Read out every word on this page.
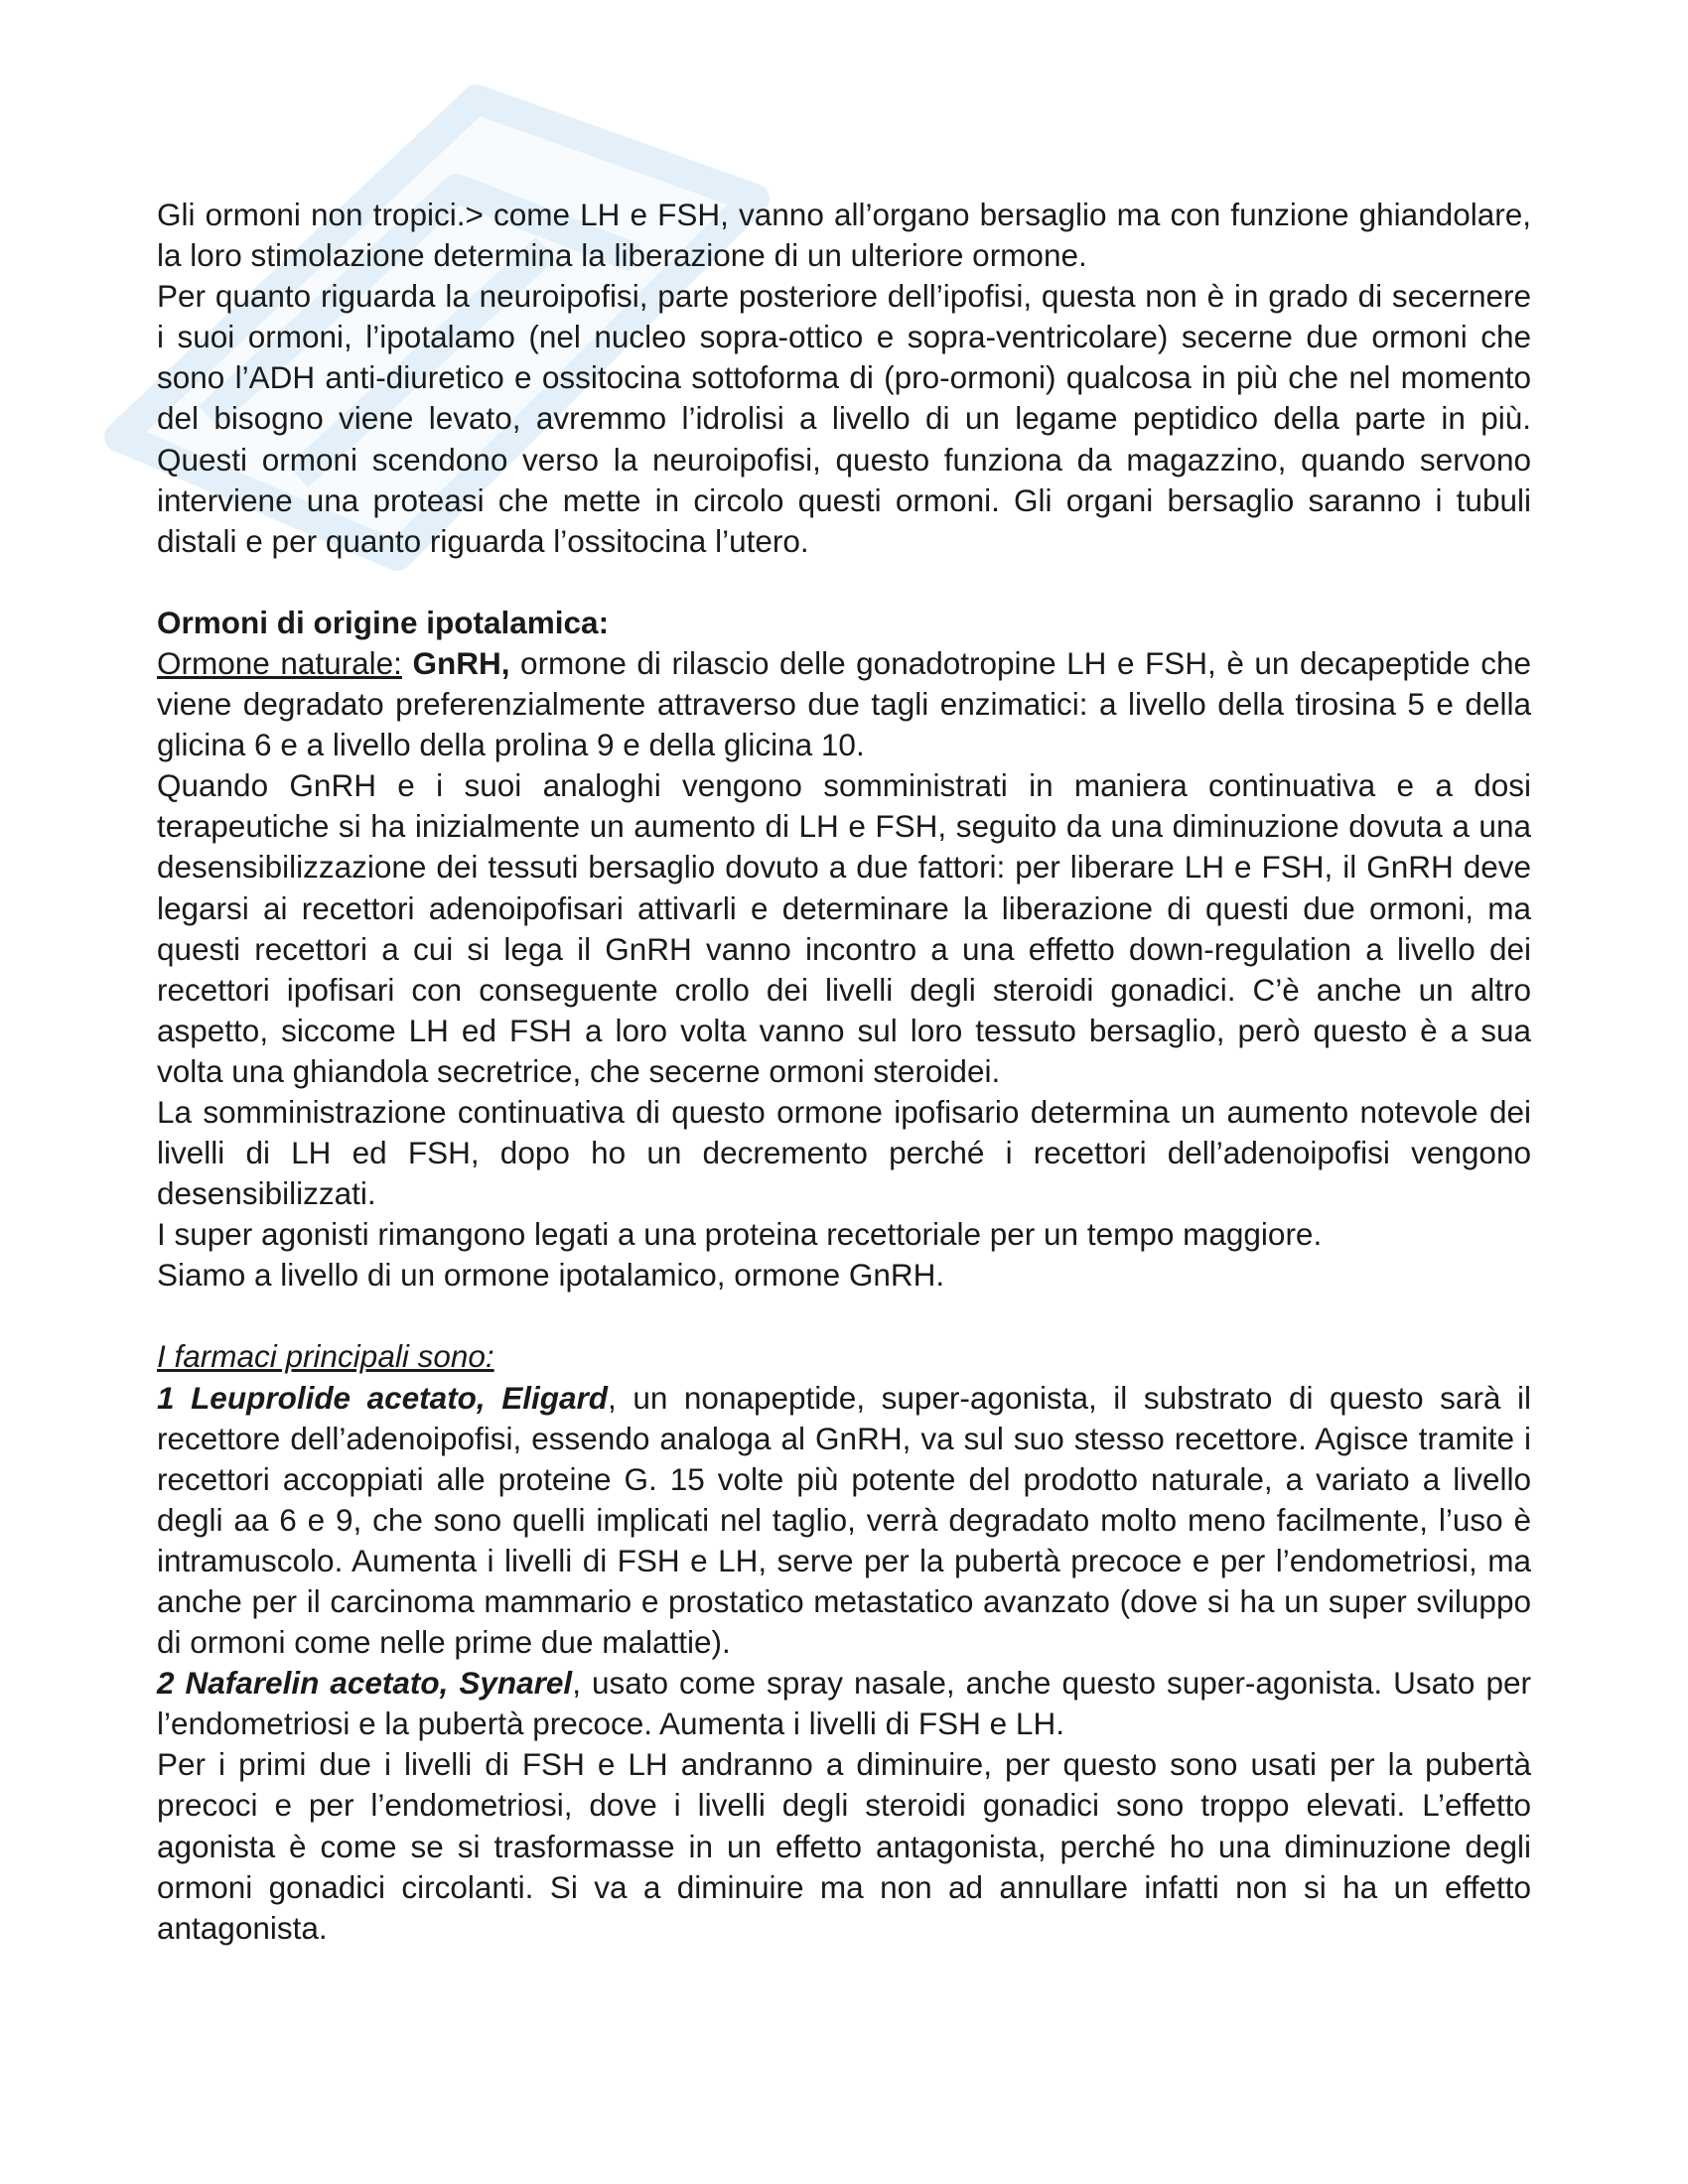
Gli ormoni non tropici.> come LH e FSH, vanno all’organo bersaglio ma con funzione ghiandolare, la loro stimolazione determina la liberazione di un ulteriore ormone.

Per quanto riguarda la neuroipofisi, parte posteriore dell’ipofisi, questa non è in grado di secernere i suoi ormoni, l’ipotalamo (nel nucleo sopra-ottico e sopra-ventricolare) secerne due ormoni che sono l’ADH anti-diuretico e ossitocina sottoforma di (pro-ormoni) qualcosa in più che nel momento del bisogno viene levato, avremmo l’idrolisi a livello di un legame peptidico della parte in più. Questi ormoni scendono verso la neuroipofisi, questo funziona da magazzino, quando servono interviene una proteasi che mette in circolo questi ormoni. Gli organi bersaglio saranno i tubuli distali e per quanto riguarda l’ossitocina l’utero.

Ormoni di origine ipotalamica:

Ormone naturale: GnRH, ormone di rilascio delle gonadotropine LH e FSH, è un decapeptide che viene degradato preferenzialmente attraverso due tagli enzimatici: a livello della tirosina 5 e della glicina 6 e a livello della prolina 9 e della glicina 10.

Quando GnRH e i suoi analoghi vengono somministrati in maniera continuativa e a dosi terapeutiche si ha inizialmente un aumento di LH e FSH, seguito da una diminuzione dovuta a una desensibilizzazione dei tessuti bersaglio dovuto a due fattori: per liberare LH e FSH, il GnRH deve legarsi ai recettori adenoipofisari attivarli e determinare la liberazione di questi due ormoni, ma questi recettori a cui si lega il GnRH vanno incontro a una effetto down-regulation a livello dei recettori ipofisari con conseguente crollo dei livelli degli steroidi gonadici. C’è anche un altro aspetto, siccome LH ed FSH a loro volta vanno sul loro tessuto bersaglio, però questo è a sua volta una ghiandola secretrice, che secerne ormoni steroidei.

La somministrazione continuativa di questo ormone ipofisario determina un aumento notevole dei livelli di LH ed FSH, dopo ho un decremento perché i recettori dell’adenoipofisi vengono desensibilizzati.

I super agonisti rimangono legati a una proteina recettoriale per un tempo maggiore.

Siamo a livello di un ormone ipotalamico, ormone GnRH.

I farmaci principali sono:

1 Leuprolide acetato, Eligard, un nonapeptide, super-agonista, il substrato di questo sarà il recettore dell’adenoipofisi, essendo analoga al GnRH, va sul suo stesso recettore. Agisce tramite i recettori accoppiati alle proteine G. 15 volte più potente del prodotto naturale, a variato a livello degli aa 6 e 9, che sono quelli implicati nel taglio, verrà degradato molto meno facilmente, l’uso è intramuscolo. Aumenta i livelli di FSH e LH, serve per la pubertà precoce e per l’endometriosi, ma anche per il carcinoma mammario e prostatico metastatico avanzato (dove si ha un super sviluppo di ormoni come nelle prime due malattie).

2 Nafarelin acetato, Synarel, usato come spray nasale, anche questo super-agonista. Usato per l’endometriosi e la pubertà precoce. Aumenta i livelli di FSH e LH.

Per i primi due i livelli di FSH e LH andranno a diminuire, per questo sono usati per la pubertà precoci e per l’endometriosi, dove i livelli degli steroidi gonadici sono troppo elevati. L’effetto agonista è come se si trasformasse in un effetto antagonista, perché ho una diminuzione degli ormoni gonadici circolanti. Si va a diminuire ma non ad annullare infatti non si ha un effetto antagonista.
